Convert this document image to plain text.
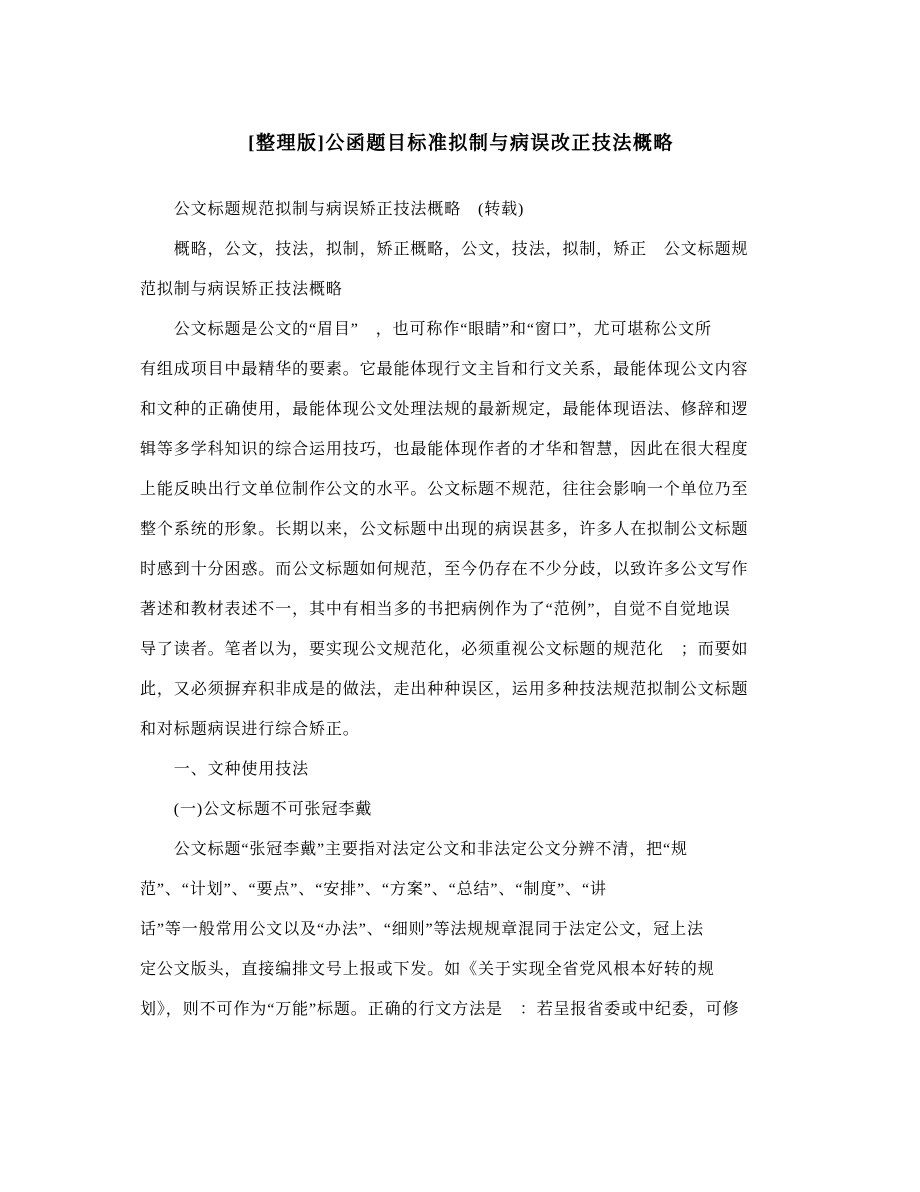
[整理版]公函题目标准拟制与病误改正技法概略
　　公文标题规范拟制与病误矫正技法概略　(转载)
　　概略，公文，技法，拟制，矫正概略，公文，技法，拟制，矫正　公文标题规
范拟制与病误矫正技法概略
　　公文标题是公文的“眉目”　，也可称作“眼睛”和“窗口”，尤可堪称公文所
有组成项目中最精华的要素。它最能体现行文主旨和行文关系，最能体现公文内容
和文种的正确使用，最能体现公文处理法规的最新规定，最能体现语法、修辞和逻
辑等多学科知识的综合运用技巧，也最能体现作者的才华和智慧，因此在很大程度
上能反映出行文单位制作公文的水平。公文标题不规范，往往会影响一个单位乃至
整个系统的形象。长期以来，公文标题中出现的病误甚多，许多人在拟制公文标题
时感到十分困惑。而公文标题如何规范，至今仍存在不少分歧，以致许多公文写作
著述和教材表述不一，其中有相当多的书把病例作为了“范例”，自觉不自觉地误
导了读者。笔者以为，要实现公文规范化，必须重视公文标题的规范化　；而要如
此，又必须摒弃积非成是的做法，走出种种误区，运用多种技法规范拟制公文标题
和对标题病误进行综合矫正。
　　一、文种使用技法
　　(一)公文标题不可张冠李戴
　　公文标题“张冠李戴”主要指对法定公文和非法定公文分辨不清，把“规
范”、“计划”、“要点”、“安排”、“方案”、“总结”、“制度”、“讲
话”等一般常用公文以及“办法”、“细则”等法规规章混同于法定公文，冠上法
定公文版头，直接编排文号上报或下发。如《关于实现全省党风根本好转的规
划》，则不可作为“万能”标题。正确的行文方法是　：若呈报省委或中纪委，可修
